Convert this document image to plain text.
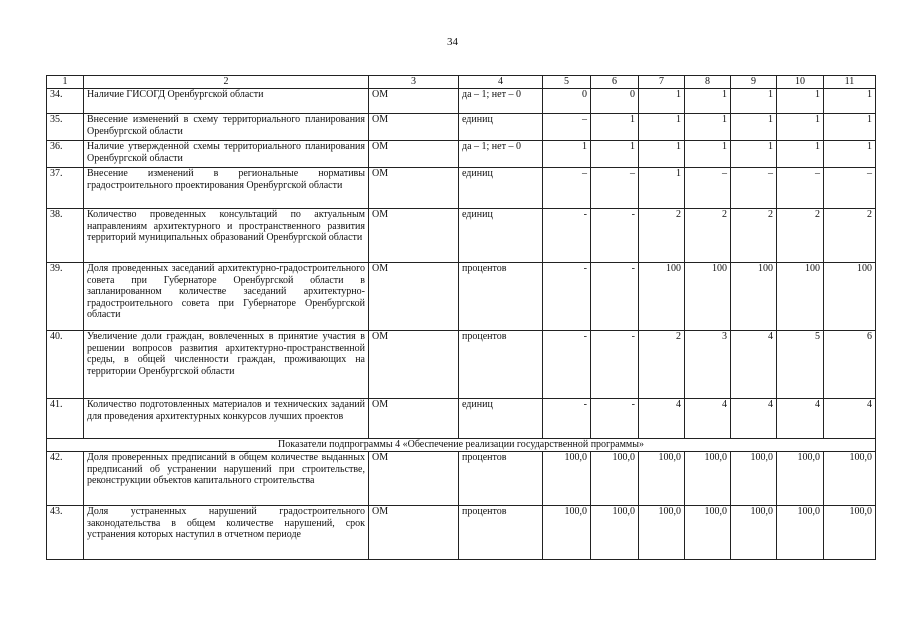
34
1	2	3	4	5	6	7	8	9	10	11
34.	Наличие ГИСОГД Оренбургской области	ОМ	да – 1; нет – 0	0	0	1	1	1	1	1
35.	Внесение изменений в схему территориального планирования Оренбургской области	ОМ	единиц	–	1	1	1	1	1	1
36.	Наличие утвержденной схемы территориального планирования Оренбургской области	ОМ	да – 1; нет – 0	1	1	1	1	1	1	1
37.	Внесение изменений в региональные нормативы градостроительного проектирования Оренбургской области	ОМ	единиц	–	–	1	–	–	–	–
38.	Количество проведенных консультаций по актуальным направлениям архитектурного и пространственного развития территорий муниципальных образований Оренбургской области	ОМ	единиц	-	-	2	2	2	2	2
39.	Доля проведенных заседаний архитектурно-градостроительного совета при Губернаторе Оренбургской области в запланированном количестве заседаний архитектурно-градостроительного совета при Губернаторе Оренбургской области	ОМ	процентов	-	-	100	100	100	100	100
40.	Увеличение доли граждан, вовлеченных в принятие участия в решении вопросов развития архитектурно-пространственной среды, в общей численности граждан, проживающих на территории Оренбургской области	ОМ	процентов	-	-	2	3	4	5	6
41.	Количество подготовленных материалов и технических заданий для проведения архитектурных конкурсов лучших проектов	ОМ	единиц	-	-	4	4	4	4	4
Показатели подпрограммы 4 «Обеспечение реализации государственной программы»										
42.	Доля проверенных предписаний в общем количестве выданных предписаний об устранении нарушений при строительстве, реконструкции объектов капитального строительства	ОМ	процентов	100,0	100,0	100,0	100,0	100,0	100,0	100,0
43.	Доля устраненных нарушений градостроительного законодательства в общем количестве нарушений, срок устранения которых наступил в отчетном периоде	ОМ	процентов	100,0	100,0	100,0	100,0	100,0	100,0	100,0
